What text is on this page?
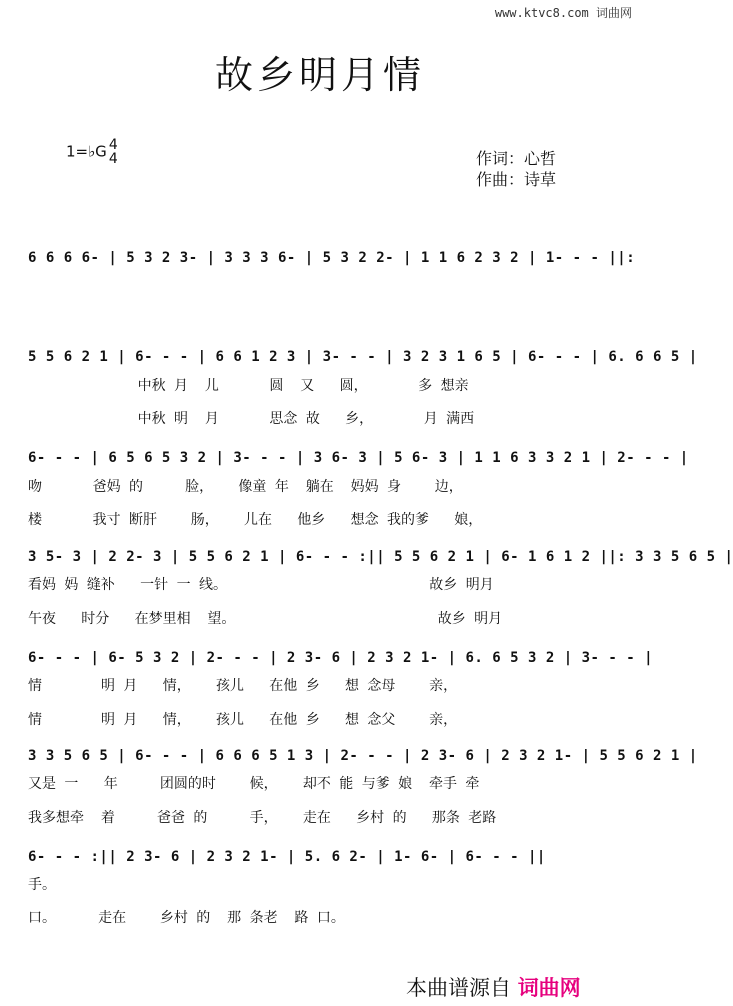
www.ktvc8.com 词曲网
故乡明月情
1=♭G 4
4	作词：心哲
作曲：诗草
6 6 6 6- | 5 3 2 3- | 3 3 3 6- | 5 3 2 2- | 1 1 6 2 3 2 | 1- - - ||:
5 5 6 2 1 | 6- - - | 6 6 1 2 3 | 3- - - | 3 2 3 1 6 5 | 6- - - | 6. 6 6 5 |
中秋 月  儿      圆  又   圆，      多 想亲
中秋 明  月      思念 故   乡，      月 满西
6- - - | 6 5 6 5 3 2 | 3- - - | 3 6- 3 | 5 6- 3 | 1 1 6 3 3 2 1 | 2- - - |
吻      爸妈 的     脸，   像童 年  躺在  妈妈 身    边，
楼      我寸 断肝    肠，   儿在   他乡   想念 我的爹   娘，
3 5- 3 | 2 2- 3 | 5 5 6 2 1 | 6- - - :|| 5 5 6 2 1 | 6- 1 6 1 2 ||: 3 3 5 6 5 |
看妈 妈 缝补   一针 一 线。                        故乡 明月
午夜   时分   在梦里相  望。                        故乡 明月
6- - - | 6- 5 3 2 | 2- - - | 2 3- 6 | 2 3 2 1- | 6. 6 5 3 2 | 3- - - |
情       明 月   情，   孩儿   在他 乡   想 念母    亲，
情       明 月   情，   孩儿   在他 乡   想 念父    亲，
3 3 5 6 5 | 6- - - | 6 6 6 5 1 3 | 2- - - | 2 3- 6 | 2 3 2 1- | 5 5 6 2 1 |
又是 一   年     团圆的时    候，   却不 能 与爹 娘  牵手 牵
我多想牵  着     爸爸 的     手，   走在   乡村 的   那条 老路
6- - - :|| 2 3- 6 | 2 3 2 1- | 5. 6 2- | 1- 6- | 6- - - ||
手。
口。     走在    乡村 的  那 条老  路 口。
本曲谱源自 词曲网
